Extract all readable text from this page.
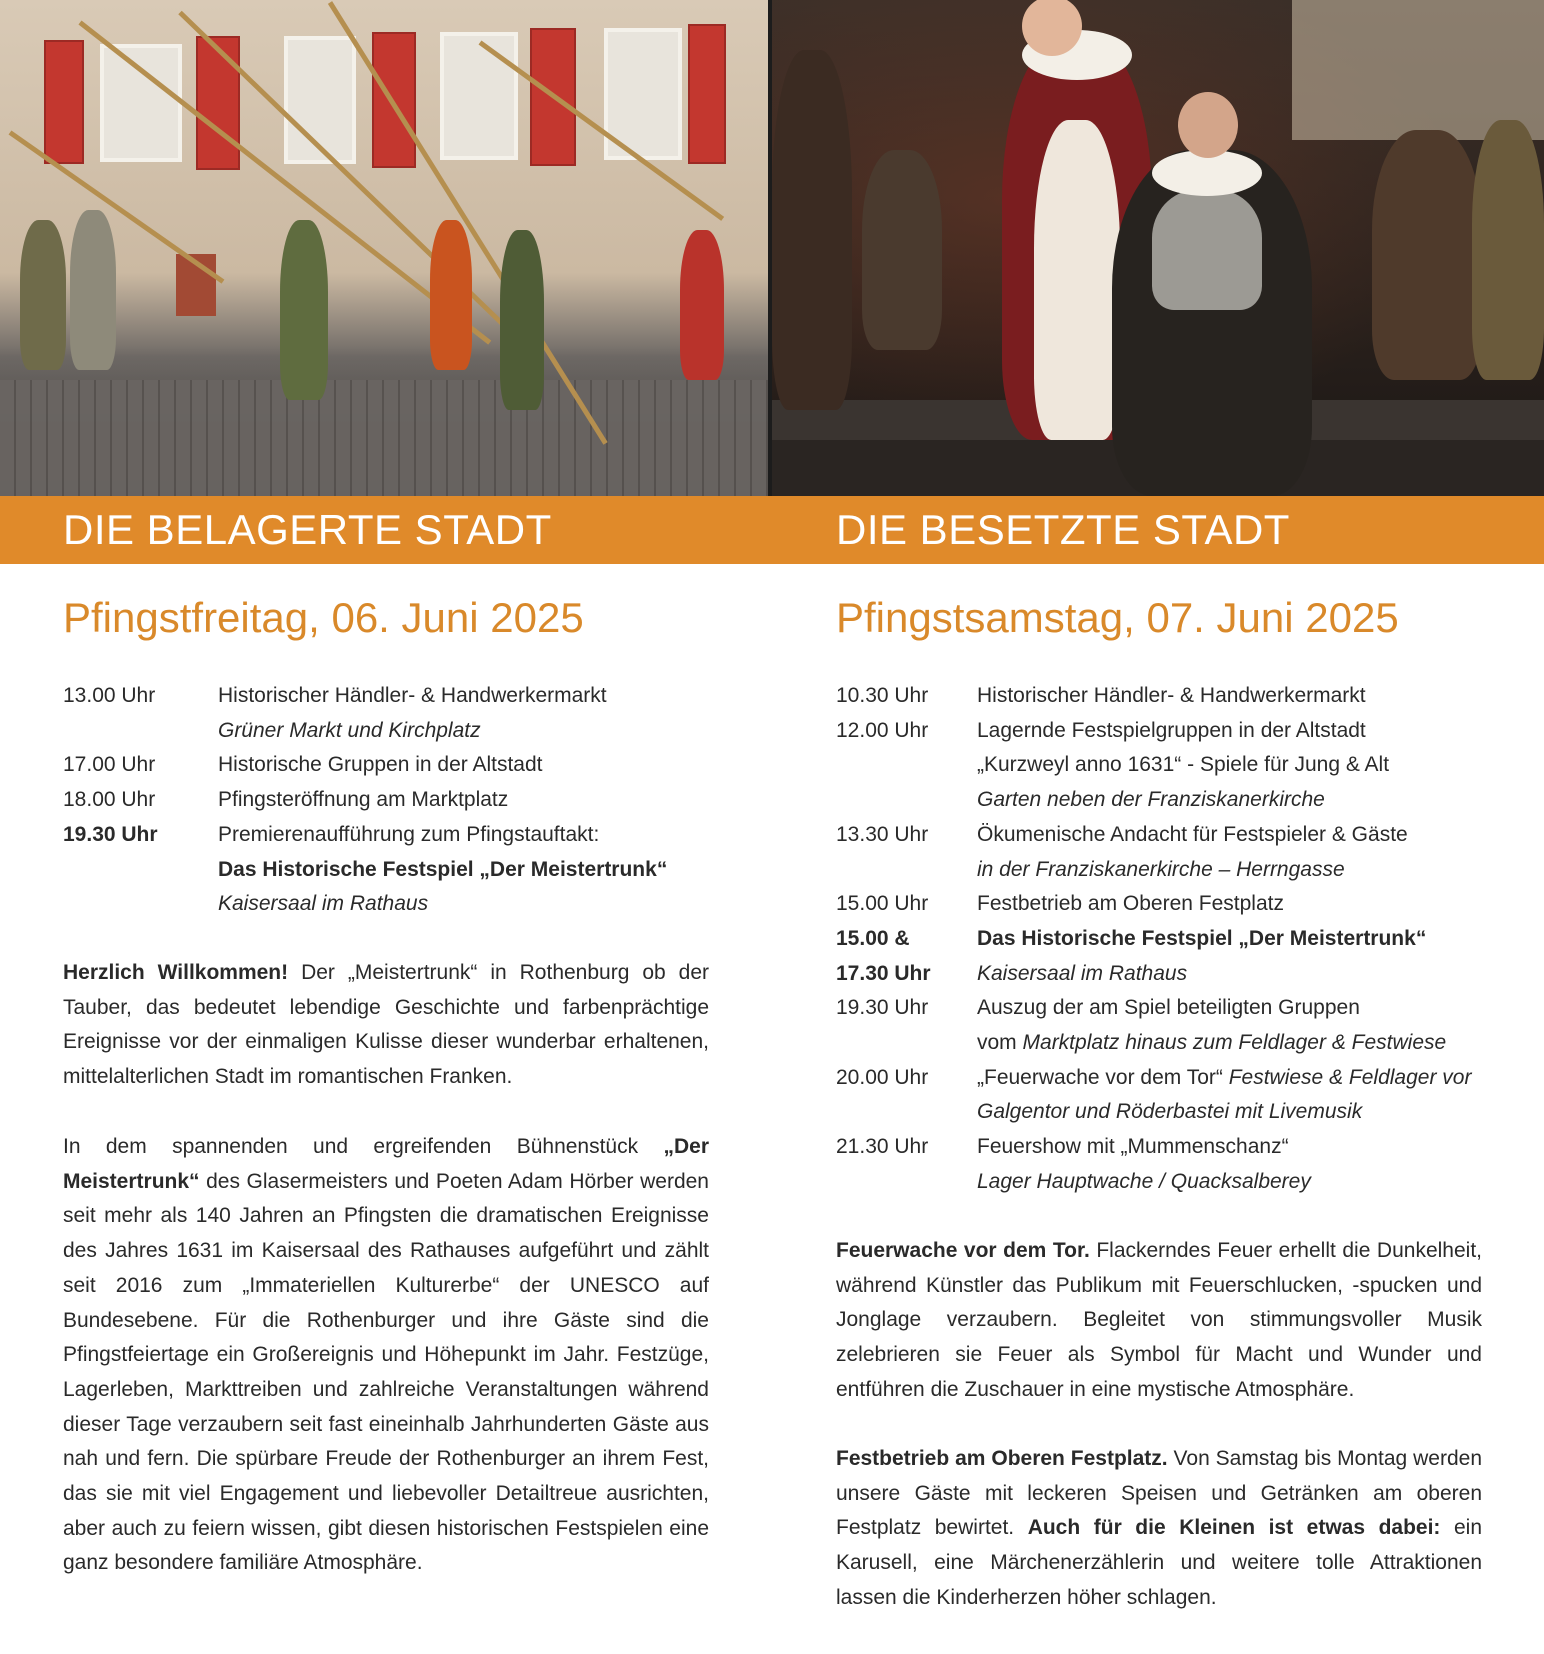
DIE BELAGERTE STADT	DIE BESETZTE STADT
Pfingstfreitag, 06. Juni 2025	Pfingstsamstag, 07. Juni 2025
13.00 Uhr	Historischer Händler- & Handwerkermarkt
Grüner Markt und Kirchplatz
17.00 Uhr	Historische Gruppen in der Altstadt
18.00 Uhr	Pfingsteröffnung am Marktplatz
19.30 Uhr	Premierenaufführung zum Pfingstauftakt:
Das Historische Festspiel „Der Meistertrunk“
Kaisersaal im Rathaus
10.30 Uhr	Historischer Händler- & Handwerkermarkt
12.00 Uhr	Lagernde Festspielgruppen in der Altstadt
„Kurzweyl anno 1631“ - Spiele für Jung & Alt
Garten neben der Franziskanerkirche
13.30 Uhr	Ökumenische Andacht für Festspieler & Gäste
in der Franziskanerkirche – Herrngasse
15.00 Uhr	Festbetrieb am Oberen Festplatz
15.00 &	Das Historische Festspiel „Der Meistertrunk“
17.30 Uhr	Kaisersaal im Rathaus
19.30 Uhr	Auszug der am Spiel beteiligten Gruppen
vom Marktplatz hinaus zum Feldlager & Festwiese
20.00 Uhr	„Feuerwache vor dem Tor“ Festwiese & Feldlager vor
Galgentor und Röderbastei mit Livemusik
21.30 Uhr	Feuershow mit „Mummenschanz“
Lager Hauptwache / Quacksalberey

Herzlich Willkommen! Der „Meistertrunk“ in Rothenburg ob der Tauber, das bedeutet lebendige Geschichte und farbenprächtige Ereignisse vor der einmaligen Kulisse dieser wunderbar erhaltenen, mittelalterlichen Stadt im romantischen Franken.

In dem spannenden und ergreifenden Bühnenstück „Der Meistertrunk“ des Glasermeisters und Poeten Adam Hörber werden seit mehr als 140 Jahren an Pfingsten die dramatischen Ereignisse des Jahres 1631 im Kaisersaal des Rathauses aufgeführt und zählt seit 2016 zum „Immateriellen Kulturerbe“ der UNESCO auf Bundesebene. Für die Rothenburger und ihre Gäste sind die Pfingstfeiertage ein Großereignis und Höhepunkt im Jahr. Festzüge, Lagerleben, Markttreiben und zahlreiche Veranstaltungen während dieser Tage verzaubern seit fast eineinhalb Jahrhunderten Gäste aus nah und fern. Die spürbare Freude der Rothenburger an ihrem Fest, das sie mit viel Engagement und liebevoller Detailtreue ausrichten, aber auch zu feiern wissen, gibt diesen historischen Festspielen eine ganz besondere familiäre Atmosphäre.

Feuerwache vor dem Tor. Flackerndes Feuer erhellt die Dunkelheit, während Künstler das Publikum mit Feuerschlucken, -spucken und Jonglage verzaubern. Begleitet von stimmungsvoller Musik zelebrieren sie Feuer als Symbol für Macht und Wunder und entführen die Zuschauer in eine mystische Atmosphäre.

Festbetrieb am Oberen Festplatz. Von Samstag bis Montag werden unsere Gäste mit leckeren Speisen und Getränken am oberen Festplatz bewirtet. Auch für die Kleinen ist etwas dabei: ein Karusell, eine Märchenerzählerin und weitere tolle Attraktionen lassen die Kinderherzen höher schlagen.
